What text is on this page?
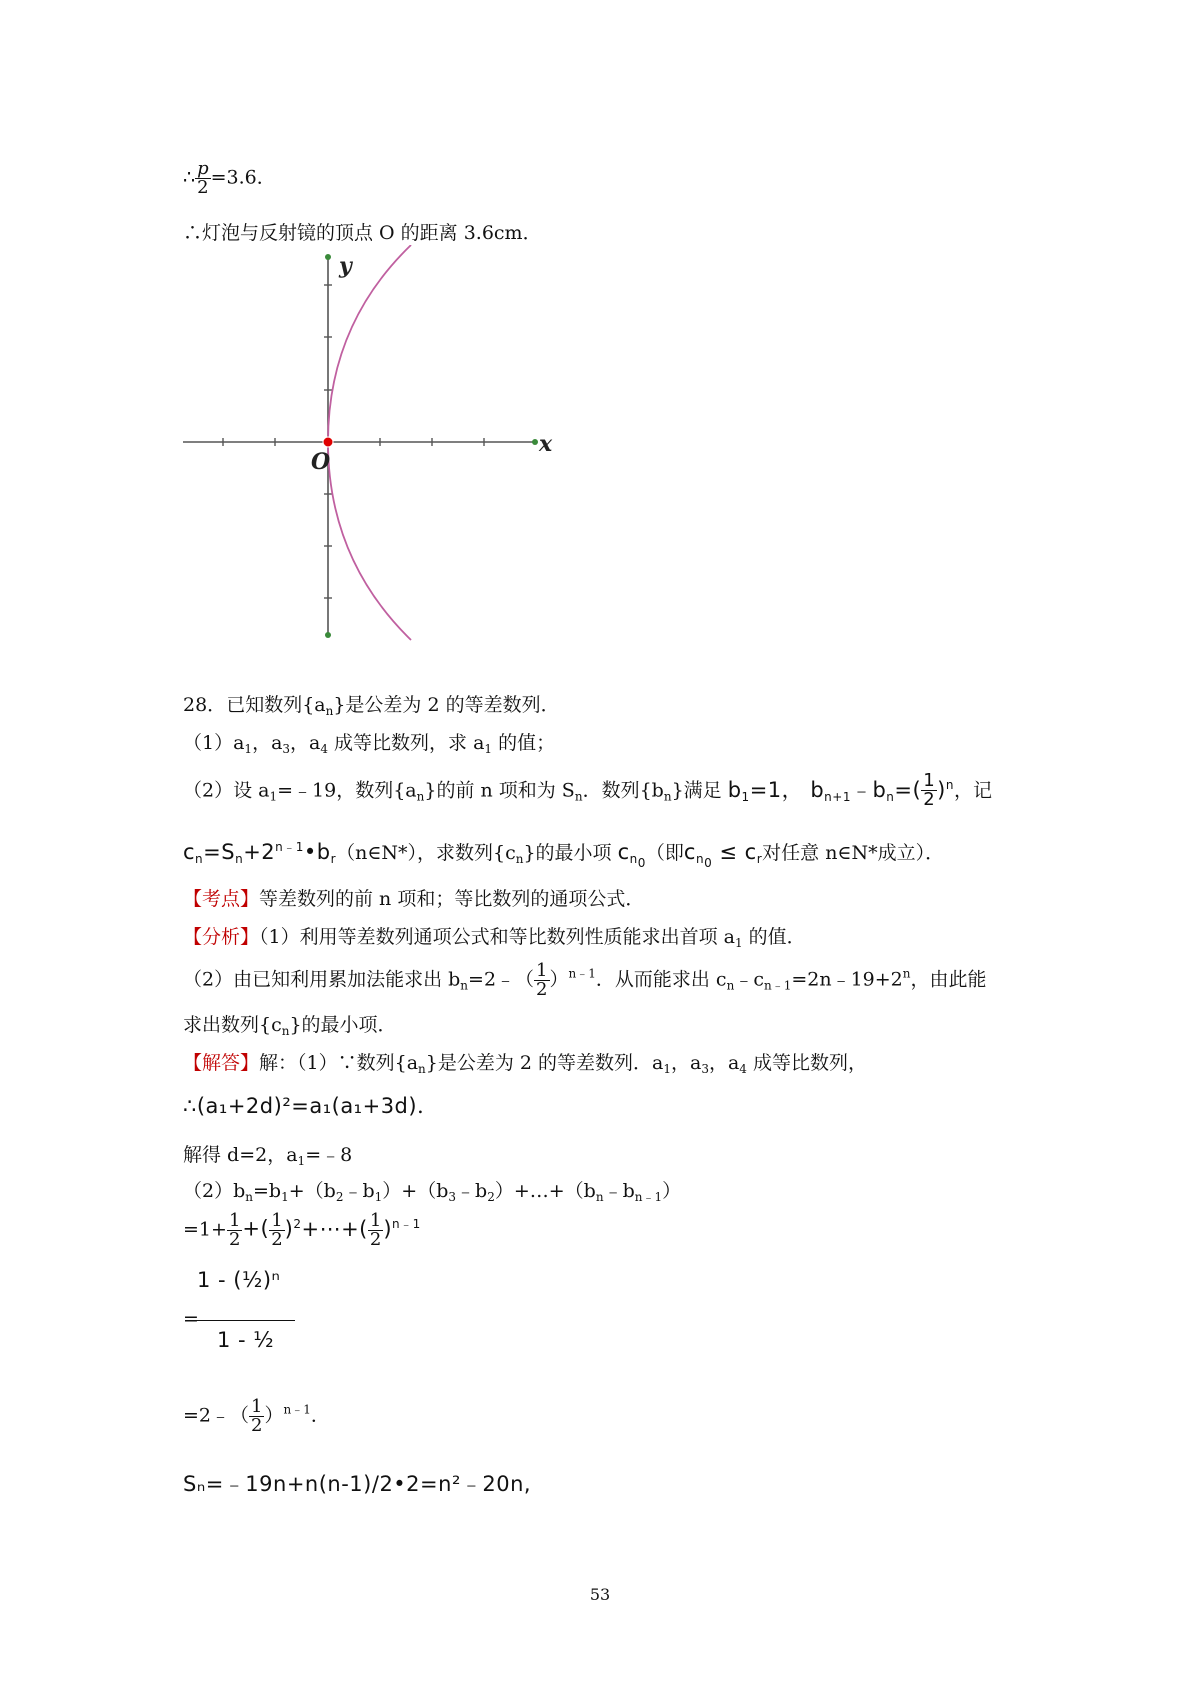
∴ $\frac{p}{2} =3.6$．
∴灯泡与反射镜的顶点 O 的距离 3.6cm．
y
x
O
28．已知数列$\{a_n\}$是公差为 2 的等差数列．
$(1)a_1$，$a_3$，$a_4$ 成等比数列，求 $a_1$ 的值；
（2）设 $a_1=﹣19$，数列$\{a_n\}$的前 n 项和为 $S_n$．数列$\{b_n\}$满足 $b_1=1$， $b_{n+1}﹣b_n=( \frac{1}{2} )^n$，记
$c_n=S_n+2^{n﹣1}•b_r(n\in N*)$，求数列$\{c_n\}$的最小项 $c_{n_0}$（即$c_{n_0} \le c_r$对任意 n∈N*成立）．
【考点】等差数列的前 n 项和；等比数列的通项公式．
【分析】（1）利用等差数列通项公式和等比数列性质能求出首项 $a_1$ 的值．
（2）由已知利用累加法能求出 $b_n=2﹣( \frac{1}{2} )^{n﹣1}$．从而能求出 $c_n﹣c_{n﹣1}=2n﹣19+2^n$，由此能
求出数列$\{c_n\}$的最小项．
【解答】解：（1）∵数列$\{a_n\}$是公差为 2 的等差数列．$a_1$，$a_3$，$a_4$ 成等比数列，
∴(a₁+2d)²=a₁(a₁+3d)．
解得 d=2，$a_1=﹣8$
$(2)b_n=b_1+(b_2﹣b_1)+(b_3﹣b_2)+\dots+(b_n﹣b_{n﹣1})$
$=1+ \frac{1}{2}$ +( $\frac{1}{2}$ )$^2$+⋯+( $\frac{1}{2} )^{n﹣1}$
=
1 - (½)ⁿ
1 - ½
=2﹣（ $\frac{1}{2} )^{n﹣1}$．
Sₙ=﹣19n+n(n-1)/2•2=n²﹣20n,
53
